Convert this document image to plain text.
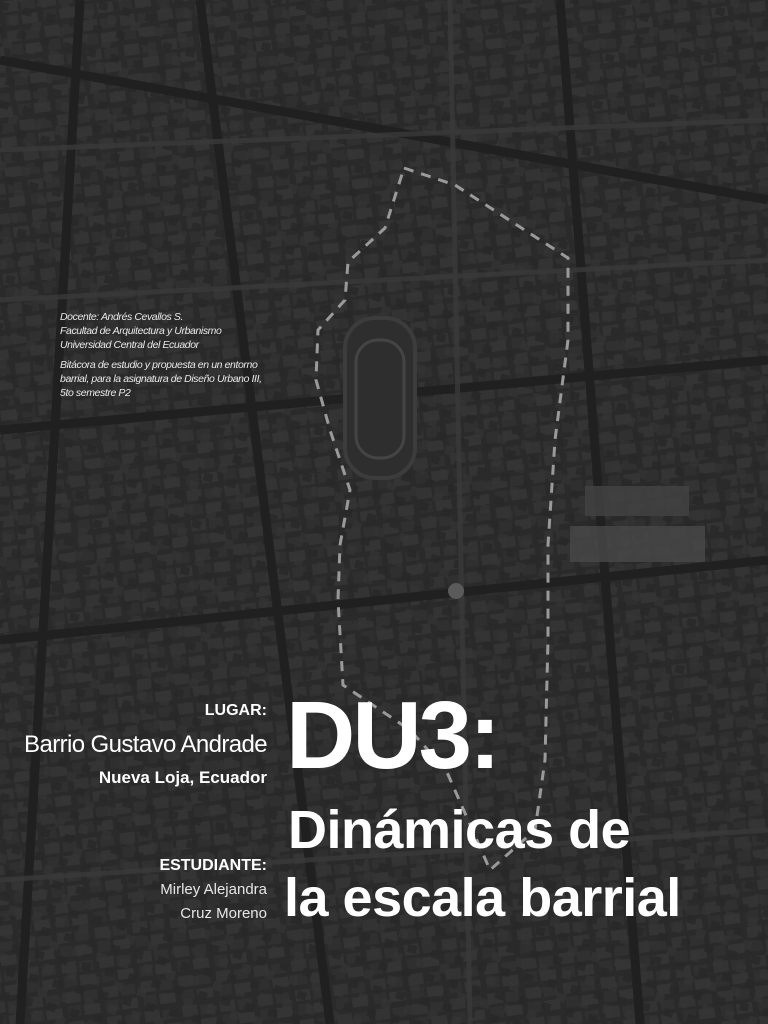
Docente: Andrés Cevallos S.
Facultad de Arquitectura y Urbanismo
Universidad Central del Ecuador
Bitácora de estudio y propuesta en un entorno
barrial, para la asignatura de Diseño Urbano III,
5to semestre P2
LUGAR:
Barrio Gustavo Andrade
Nueva Loja, Ecuador
ESTUDIANTE:
Mirley Alejandra
Cruz Moreno
DU3:
Dinámicas de
la escala barrial
